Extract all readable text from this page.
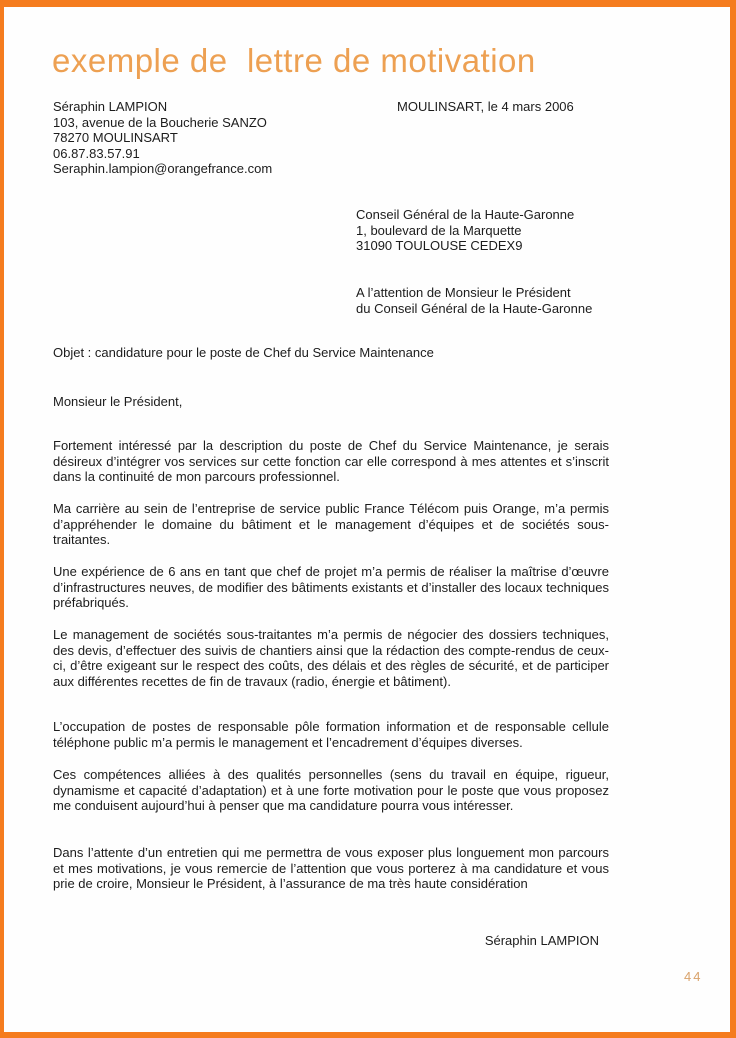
exemple de  lettre de motivation
Séraphin LAMPION
103, avenue de la Boucherie SANZO
78270 MOULINSART
06.87.83.57.91
Seraphin.lampion@orangefrance.com
MOULINSART, le 4 mars 2006
Conseil Général de la Haute-Garonne
1, boulevard de la Marquette
31090 TOULOUSE CEDEX9
A l’attention de Monsieur le Président
du Conseil Général de la Haute-Garonne
Objet : candidature pour le poste de Chef du Service Maintenance
Monsieur le Président,

Fortement intéressé par la description du poste de Chef du Service Maintenance, je serais désireux d’intégrer vos services sur cette fonction car elle correspond à mes attentes et s’inscrit dans la continuité de mon parcours professionnel.

Ma carrière au sein de l’entreprise de service public France Télécom puis Orange, m’a permis d’appréhender le domaine du bâtiment et le management d’équipes et de sociétés sous-traitantes.

Une expérience de 6 ans en tant que chef de projet m’a permis de réaliser la maîtrise d’œuvre d’infrastructures neuves, de modifier des bâtiments existants et d’installer des locaux techniques préfabriqués.

Le management de sociétés sous-traitantes m’a permis de négocier des dossiers techniques, des devis, d’effectuer des suivis de chantiers ainsi que la rédaction des compte-rendus de ceux-ci, d’être exigeant sur le respect des coûts, des délais et des règles de sécurité, et de participer aux différentes recettes de fin de travaux (radio, énergie et bâtiment).

L’occupation de postes de responsable pôle formation information et de responsable cellule téléphone public m’a permis le management et l’encadrement d’équipes diverses.

Ces compétences alliées à des qualités personnelles (sens du travail en équipe, rigueur, dynamisme et capacité d’adaptation) et à une forte motivation pour le poste que vous proposez me conduisent aujourd’hui à penser que ma candidature pourra vous intéresser.

Dans l’attente d’un entretien qui me permettra de vous exposer plus longuement mon parcours et mes motivations, je vous remercie de l’attention que vous porterez à ma candidature et vous prie de croire, Monsieur le Président, à l’assurance de ma très haute considération

Séraphin LAMPION
44
